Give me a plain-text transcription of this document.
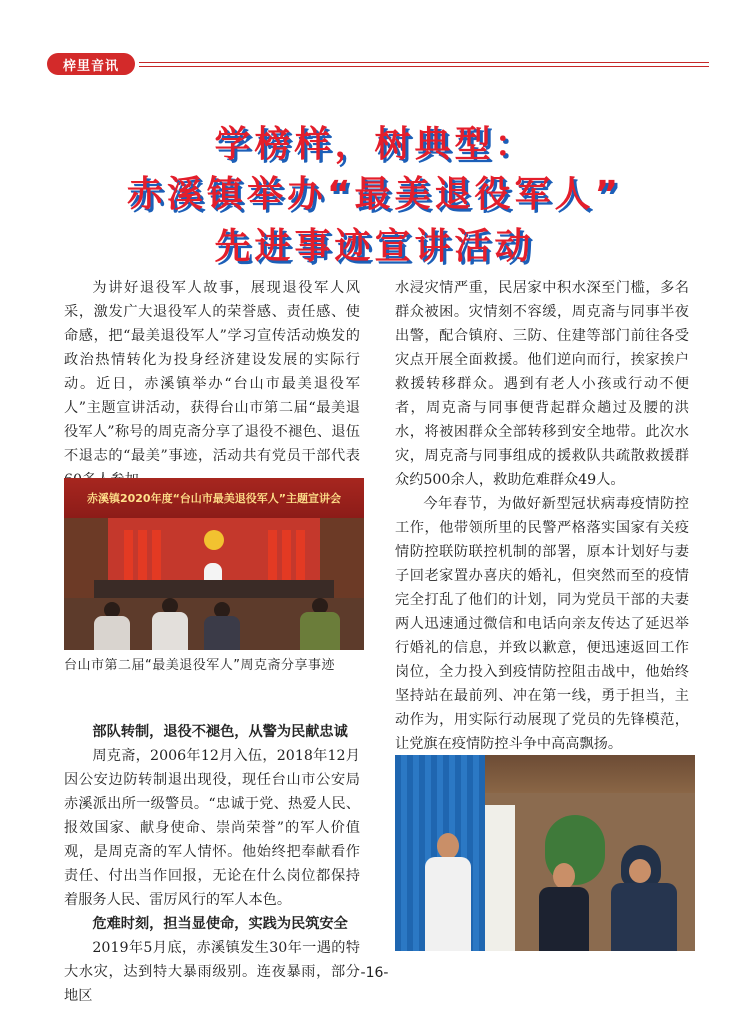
梓里音讯
学榜样，树典型：
赤溪镇举办“最美退役军人”
先进事迹宣讲活动

为讲好退役军人故事，展现退役军人风采，激发广大退役军人的荣誉感、责任感、使命感，把“最美退役军人”学习宣传活动焕发的政治热情转化为投身经济建设发展的实际行动。近日，赤溪镇举办“台山市最美退役军人”主题宣讲活动，获得台山市第二届“最美退役军人”称号的周克斋分享了退役不褪色、退伍不退志的“最美”事迹，活动共有党员干部代表

赤溪镇2020年度“台山市最美退役军人”主题宣讲会
台山市第二届“最美退役军人”周克斋分享事迹
部队转制，退役不褪色，从警为民献忠诚

周克斋，2006年12月入伍，2018年12月因公安边防转制退出现役，现任台山市公安局赤溪派出所一级警员。“忠诚于党、热爱人民、报效国家、献身使命、崇尚荣誉”的军人价值观，是周克斋的军人情怀。他始终把奉献看作责任、付出当作回报，无论在什么岗位都保持着服务人民、雷厉风行的军人本色。

危难时刻，担当显使命，实践为民筑安全

2019年5月底，赤溪镇发生30年一遇的特大水灾，达到特大暴雨级别。连夜暴雨，部分地区

水浸灾情严重，民居家中积水深至门槛，多名群众被困。灾情刻不容缓，周克斋与同事半夜出警，配合镇府、三防、住建等部门前往各受灾点开展全面救援。他们逆向而行，挨家挨户救援转移群众。遇到有老人小孩或行动不便者，周克斋与同事便背起群众趟过及腰的洪水，将被困群众全部转移到安全地带。此次水灾，周克斋与同事组成的援救队共疏散救援群众约500余人，救助危难群众49人。

今年春节，为做好新型冠状病毒疫情防控工作，他带领所里的民警严格落实国家有关疫情防控联防联控机制的部署，原本计划好与妻子回老家置办喜庆的婚礼，但突然而至的疫情完全打乱了他们的计划，同为党员干部的夫妻两人迅速通过微信和电话向亲友传达了延迟举行婚礼的信息，并致以歉意，便迅速返回工作岗位，全力投入到疫情防控阻击战中，他始终坚持站在最前列、冲在第一线，勇于担当，主动作为，用实际行动展现了党员的先锋模范，让党旗在疫情防控斗争中高高飘扬。

-16-
